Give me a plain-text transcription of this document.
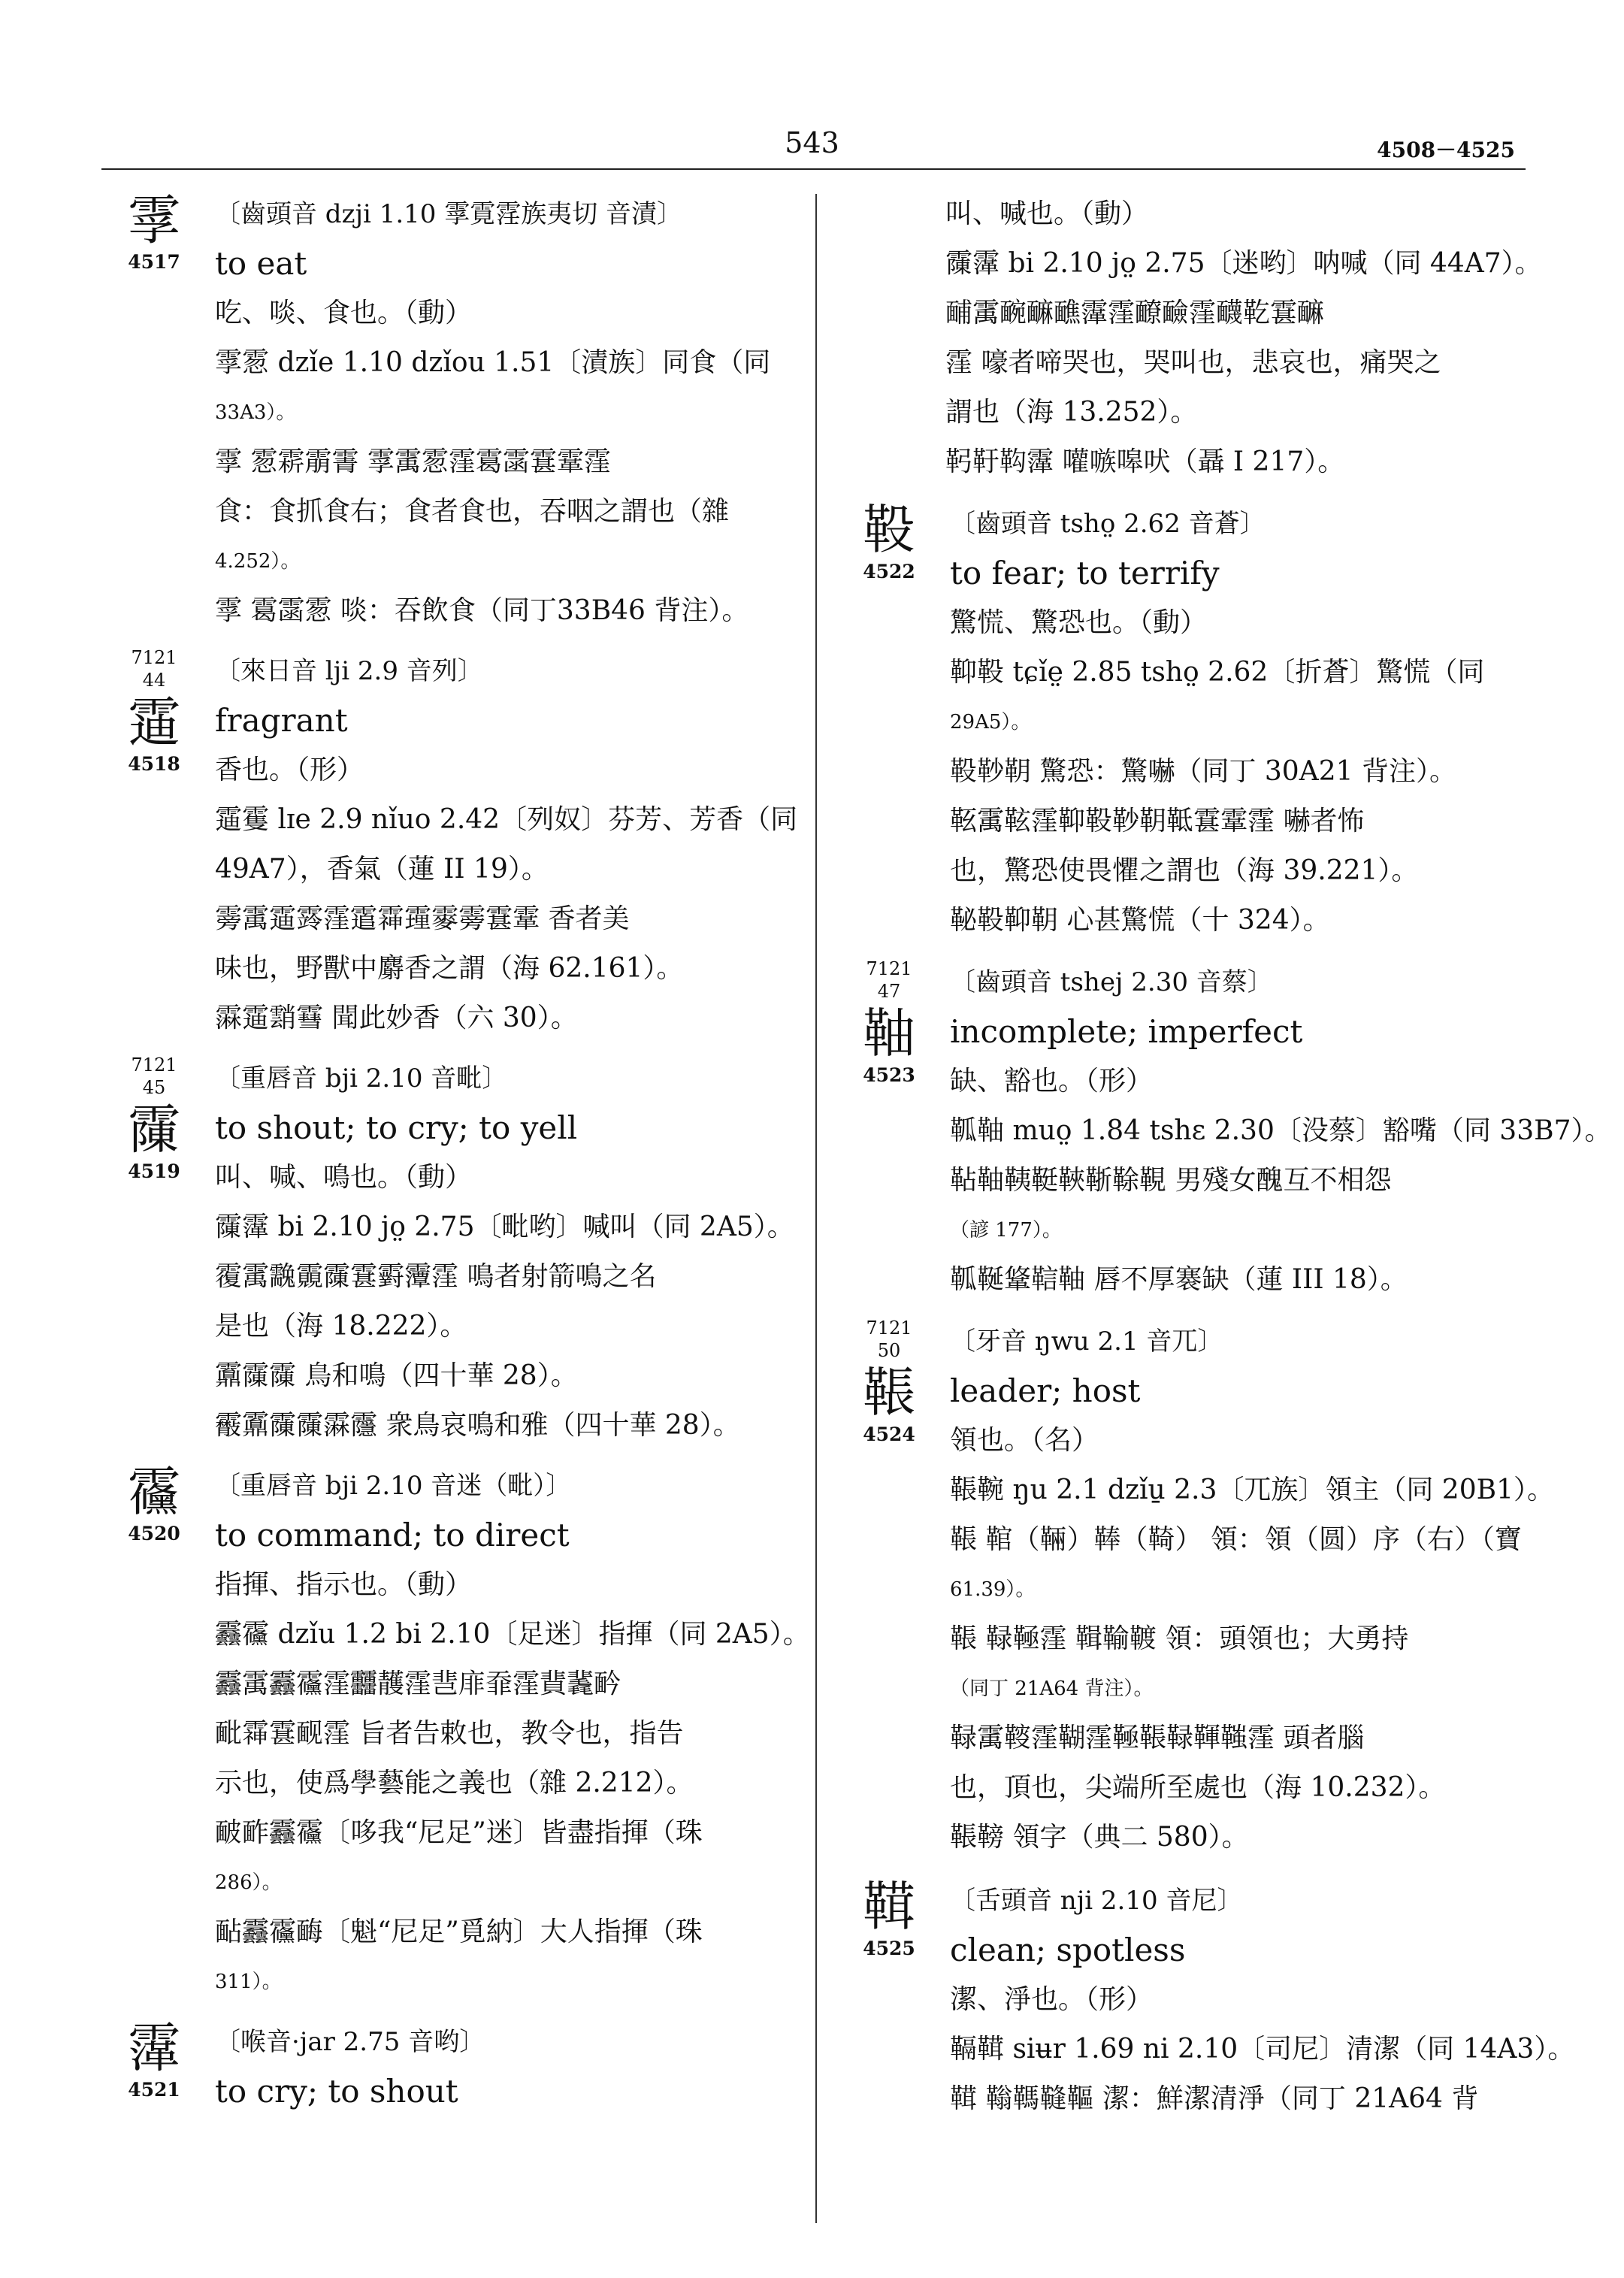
543	4508－4525
䨗
4517
〔齒頭音 dzji 1.10 䨗䨘䨙族夷切 音漬〕
to eat
吃、啖、食也。（動）
䨗䨚 dzǐe 1.10 dzǐou 1.51〔漬族〕同食（同
33A3）。
䨗 䨚䨛䨜䨝 䨗䨞䨚䨟䨠䨡䨢䨣䨟
食：食抓食右；食者食也，吞咽之謂也（雜
4.252）。
䨗 䨠䨡䨚 啖：吞飲食（同丁33B46 背注）。
7121
44
䨤
4518
〔來日音 lji 2.9 音列〕
fragrant
香也。（形）
䨤䨥 lɪe 2.9 nǐuo 2.42〔列奴〕芬芳、芳香（同
49A7），香氣（蓮 II 19）。
䨦䨞䨤䨧䨟䨨䨩䨪䨫䨦䨢䨣 香者美
味也，野獸中麝香之謂（海 62.161）。
䨬䨤䨭䨮 聞此妙香（六 30）。
7121
45
䨯
4519
〔重唇音 bji 2.10 音毗〕
to shout; to cry; to yell
叫、喊、鳴也。（動）
䨯䨰 bi 2.10 jo̤ 2.75〔毗哟〕喊叫（同 2A5）。
䨱䨞䨲䨳䨯䨢䨴䨵䨟 鳴者射箭鳴之名
是也（海 18.222）。
䨶䨯䨯 鳥和鳴（四十華 28）。
䨷䨶䨯䨯䨬䨸 衆鳥哀鳴和雅（四十華 28）。
䨹
4520
〔重唇音 bji 2.10 音迷（毗）〕
to command; to direct
指揮、指示也。（動）
䨺䨹 dzǐu 1.2 bi 2.10〔足迷〕指揮（同 2A5）。
䨺䨞䨺䨹䨟䨻䨼䨟䨽䨾䨿䨟䩀䩁䩂
䩃䨩䨢䩄䨟 旨者告敕也，教令也，指告
示也，使爲學藝能之義也（雜 2.212）。
䩅䩆䨺䨹〔哆我“尼足”迷〕皆盡指揮（珠
286）。
䩇䨺䨹䩈〔魁“尼足”覓納〕大人指揮（珠
311）。
䨰
4521
〔喉音·jar 2.75 音哟〕
to cry; to shout
叫、喊也。（動）
䨯䨰 bi 2.10 jo̤ 2.75〔迷哟〕呐喊（同 44A7）。
䩉䨞䩊䩋䩌䨰䨟䩍䩎䨟䩏䩐䨢䩋
䨟 嚎者啼哭也，哭叫也，悲哀也，痛哭之
謂也（海 13.252）。
䩑䩒䩓䨰 嚾嗾嗥吠（聶 I 217）。
䩔
4522
〔齒頭音 tsho̤ 2.62 音蒼〕
to fear; to terrify
驚慌、驚恐也。（動）
䩕䩔 tɕǐe̤ 2.85 tsho̤ 2.62〔折蒼〕驚慌（同
29A5）。
䩔䩖䩗 驚恐：驚嚇（同丁 30A21 背注）。
䩘䨞䩙䨟䩕䩔䩖䩗䩚䨢䨣䨟 嚇者怖
也，驚恐使畏懼之謂也（海 39.221）。
䩛䩔䩕䩗 心甚驚慌（十 324）。
7121
47
䩜
4523
〔齒頭音 tshej 2.30 音蔡〕
incomplete; imperfect
缺、豁也。（形）
䩝䩜 muo̤ 1.84 tshɛ 2.30〔没蔡〕豁嘴（同 33B7）。
䩞䩜䩟䩠䩡䩢䩣䩤 男殘女醜互不相怨
（諺 177）。
䩝䩥䩦䩧䩜 唇不厚褰缺（蓮 III 18）。
7121
50
䩨
4524
〔牙音 ŋwu 2.1 音兀〕
leader; host
領也。（名）
䩨䩩 ŋu 2.1 dzǐu̱ 2.3〔兀族〕領主（同 20B1）。
䩨 䩪（䩫）䩬（䩭） 領：領（圆）序（右）（寶
61.39）。
䩨 䩮䩯䨟 䩰䩱䩲 領：頭領也；大勇持
（同丁 21A64 背注）。
䩮䨞䩳䨟䩴䨟䩯䩨䩮䩵䩶䨟 頭者腦
也，頂也，尖端所至處也（海 10.232）。
䩨䩷 領字（典二 580）。
䩸
4525
〔舌頭音 nji 2.10 音尼〕
clean; spotless
潔、淨也。（形）
䩹䩸 siʉr 1.69 ni 2.10〔司尼〕清潔（同 14A3）。
䩸 䩺䩻䩼䩽 潔：鮮潔清淨（同丁 21A64 背
